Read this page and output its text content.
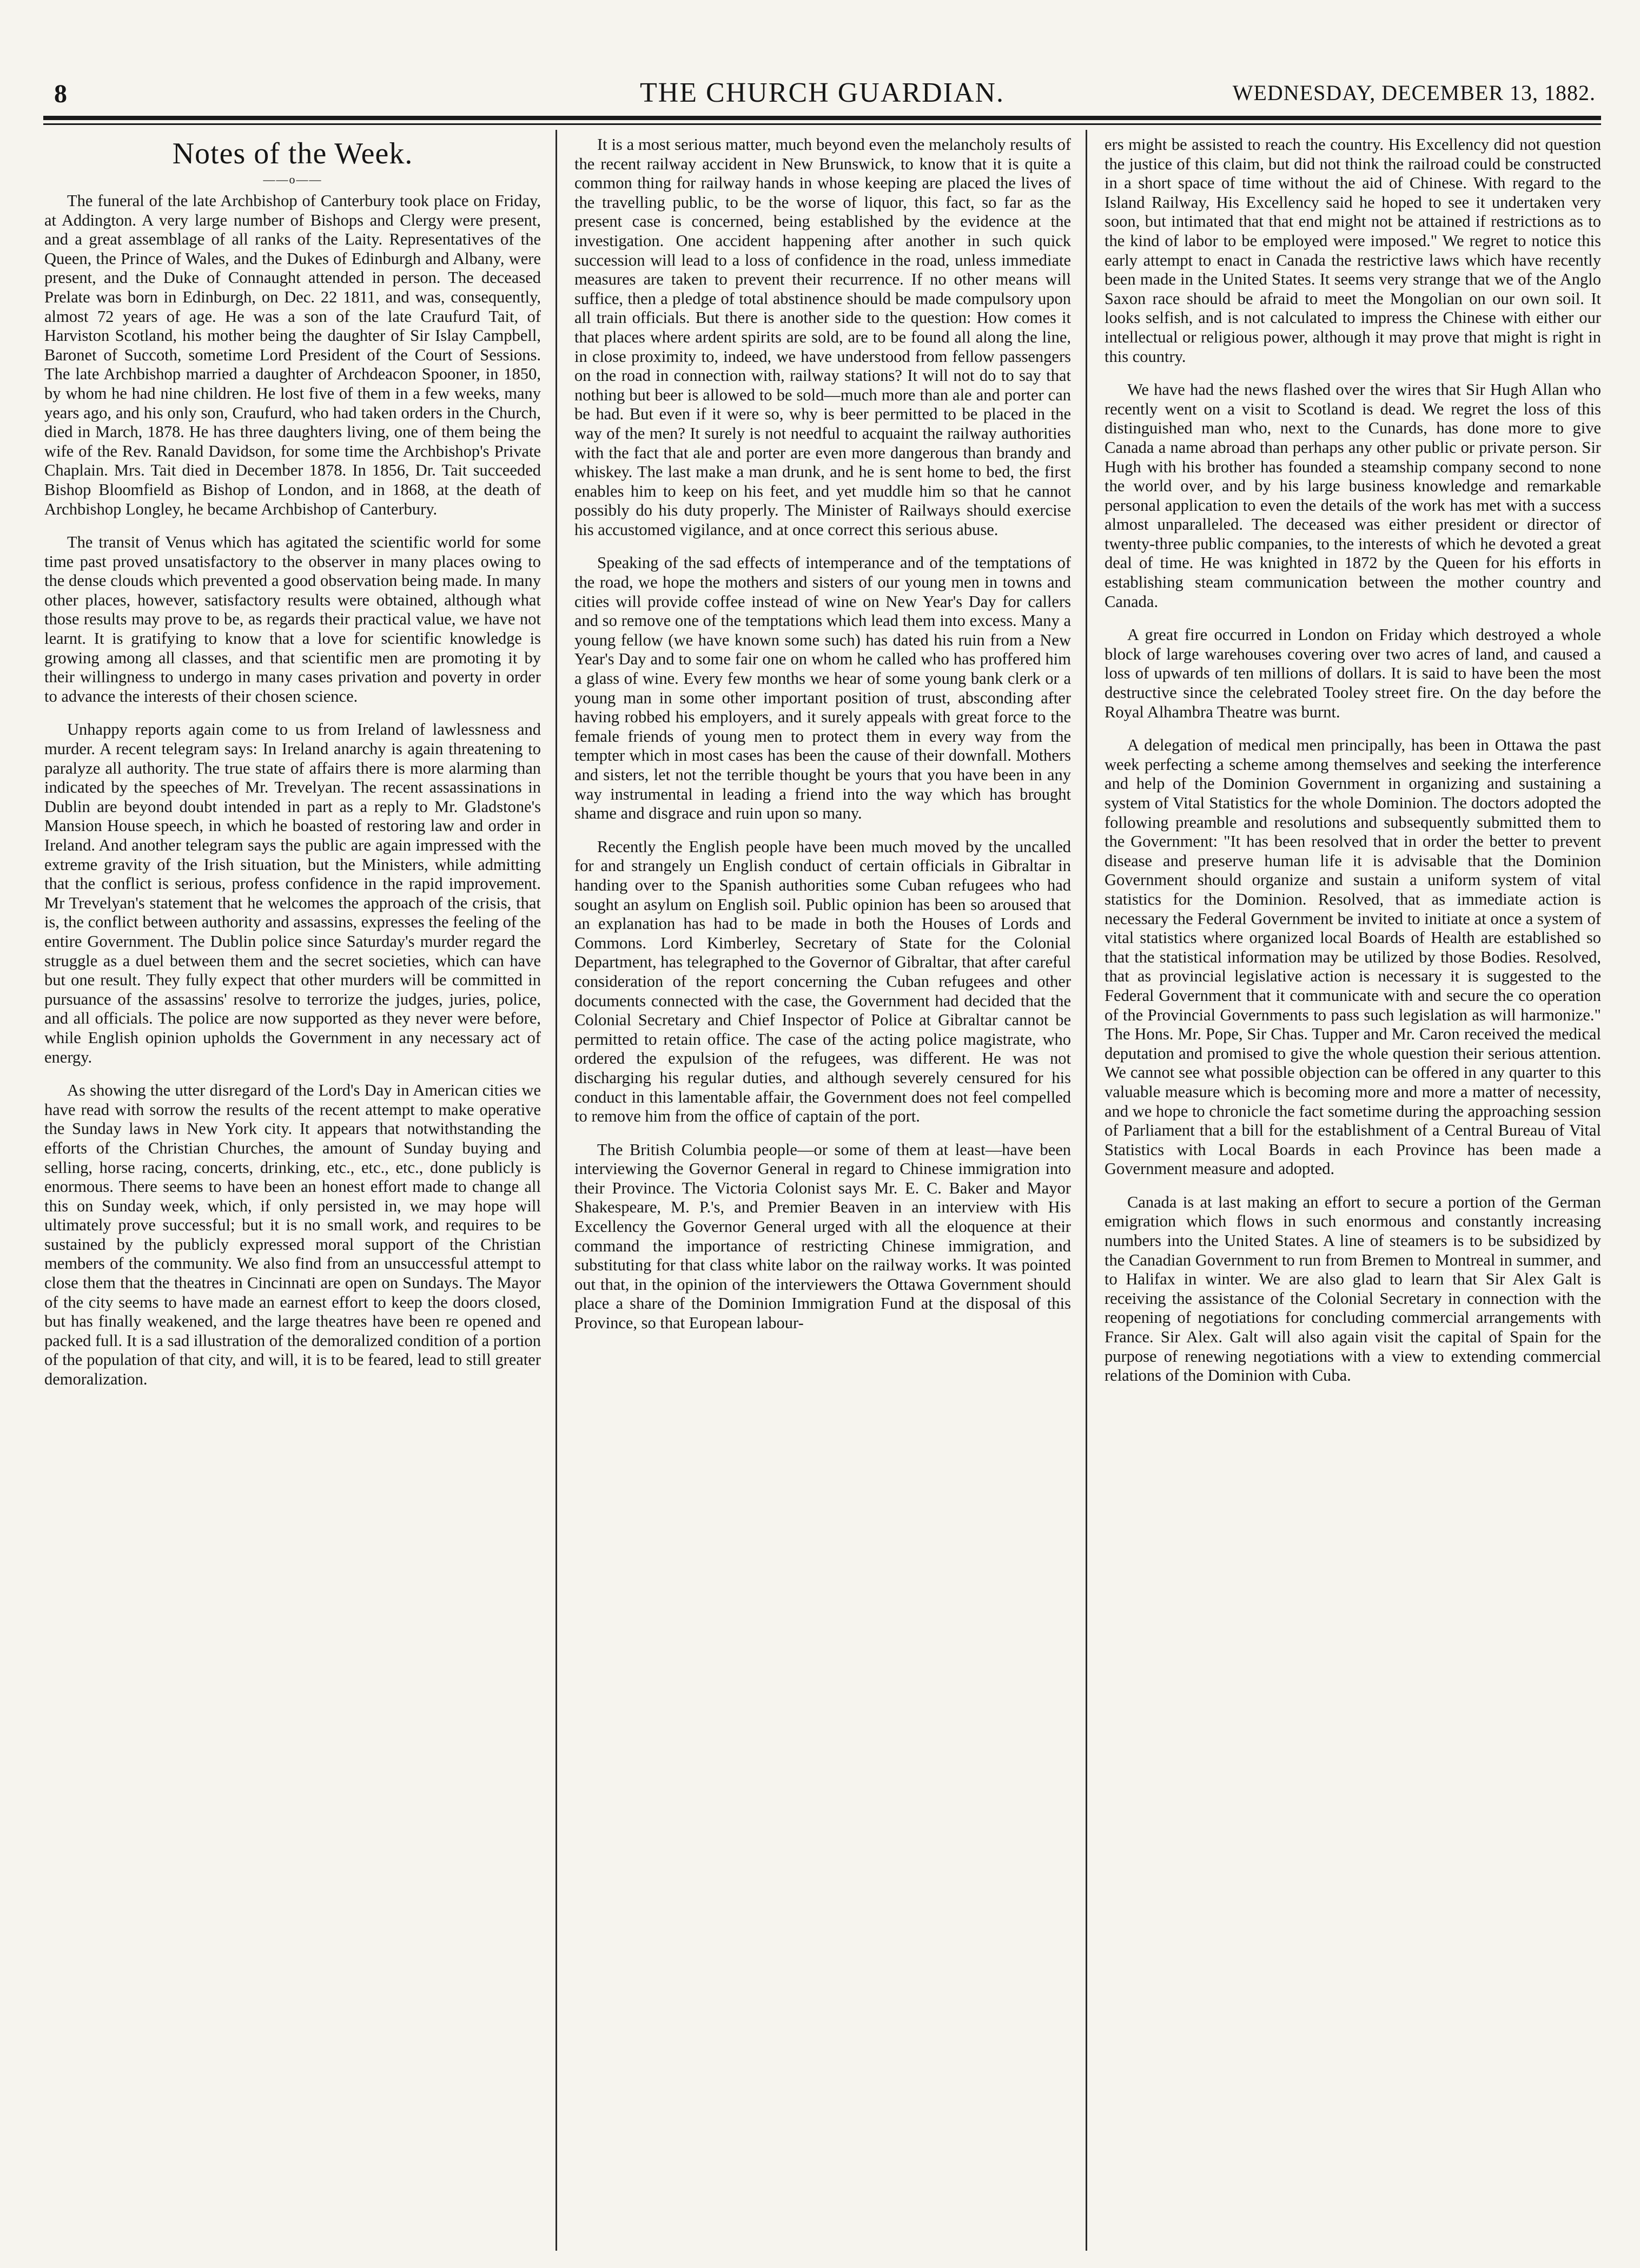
8	THE CHURCH GUARDIAN.	WEDNESDAY, DECEMBER 13, 1882.
Notes of the Week.
——o——

The funeral of the late Archbishop of Canterbury took place on Friday, at Addington. A very large number of Bishops and Clergy were present, and a great assemblage of all ranks of the Laity. Representatives of the Queen, the Prince of Wales, and the Dukes of Edinburgh and Albany, were present, and the Duke of Connaught attended in person. The deceased Prelate was born in Edinburgh, on Dec. 22 1811, and was, consequently, almost 72 years of age. He was a son of the late Craufurd Tait, of Harviston Scotland, his mother being the daughter of Sir Islay Campbell, Baronet of Succoth, sometime Lord President of the Court of Sessions. The late Archbishop married a daughter of Archdeacon Spooner, in 1850, by whom he had nine children. He lost five of them in a few weeks, many years ago, and his only son, Craufurd, who had taken orders in the Church, died in March, 1878. He has three daughters living, one of them being the wife of the Rev. Ranald Davidson, for some time the Archbishop's Private Chaplain. Mrs. Tait died in December 1878. In 1856, Dr. Tait succeeded Bishop Bloomfield as Bishop of London, and in 1868, at the death of Archbishop Longley, he became Archbishop of Canterbury.

The transit of Venus which has agitated the scientific world for some time past proved unsatisfactory to the observer in many places owing to the dense clouds which prevented a good observation being made. In many other places, however, satisfactory results were obtained, although what those results may prove to be, as regards their practical value, we have not learnt. It is gratifying to know that a love for scientific knowledge is growing among all classes, and that scientific men are promoting it by their willingness to undergo in many cases privation and poverty in order to advance the interests of their chosen science.

Unhappy reports again come to us from Ireland of lawlessness and murder. A recent telegram says: In Ireland anarchy is again threatening to paralyze all authority. The true state of affairs there is more alarming than indicated by the speeches of Mr. Trevelyan. The recent assassinations in Dublin are beyond doubt intended in part as a reply to Mr. Gladstone's Mansion House speech, in which he boasted of restoring law and order in Ireland. And another telegram says the public are again impressed with the extreme gravity of the Irish situation, but the Ministers, while admitting that the conflict is serious, profess confidence in the rapid improvement. Mr Trevelyan's statement that he welcomes the approach of the crisis, that is, the conflict between authority and assassins, expresses the feeling of the entire Government. The Dublin police since Saturday's murder regard the struggle as a duel between them and the secret societies, which can have but one result. They fully expect that other murders will be committed in pursuance of the assassins' resolve to terrorize the judges, juries, police, and all officials. The police are now supported as they never were before, while English opinion upholds the Government in any necessary act of energy.

As showing the utter disregard of the Lord's Day in American cities we have read with sorrow the results of the recent attempt to make operative the Sunday laws in New York city. It appears that notwithstanding the efforts of the Christian Churches, the amount of Sunday buying and selling, horse racing, concerts, drinking, etc., etc., etc., done publicly is enormous. There seems to have been an honest effort made to change all this on Sunday week, which, if only persisted in, we may hope will ultimately prove successful; but it is no small work, and requires to be sustained by the publicly expressed moral support of the Christian members of the community. We also find from an unsuccessful attempt to close them that the theatres in Cincinnati are open on Sundays. The Mayor of the city seems to have made an earnest effort to keep the doors closed, but has finally weakened, and the large theatres have been re opened and packed full. It is a sad illustration of the demoralized condition of a portion of the population of that city, and will, it is to be feared, lead to still greater demoralization.

It is a most serious matter, much beyond even the melancholy results of the recent railway accident in New Brunswick, to know that it is quite a common thing for railway hands in whose keeping are placed the lives of the travelling public, to be the worse of liquor, this fact, so far as the present case is concerned, being established by the evidence at the investigation. One accident happening after another in such quick succession will lead to a loss of confidence in the road, unless immediate measures are taken to prevent their recurrence. If no other means will suffice, then a pledge of total abstinence should be made compulsory upon all train officials. But there is another side to the question: How comes it that places where ardent spirits are sold, are to be found all along the line, in close proximity to, indeed, we have understood from fellow passengers on the road in connection with, railway stations? It will not do to say that nothing but beer is allowed to be sold—much more than ale and porter can be had. But even if it were so, why is beer permitted to be placed in the way of the men? It surely is not needful to acquaint the railway authorities with the fact that ale and porter are even more dangerous than brandy and whiskey. The last make a man drunk, and he is sent home to bed, the first enables him to keep on his feet, and yet muddle him so that he cannot possibly do his duty properly. The Minister of Railways should exercise his accustomed vigilance, and at once correct this serious abuse.

Speaking of the sad effects of intemperance and of the temptations of the road, we hope the mothers and sisters of our young men in towns and cities will provide coffee instead of wine on New Year's Day for callers and so remove one of the temptations which lead them into excess. Many a young fellow (we have known some such) has dated his ruin from a New Year's Day and to some fair one on whom he called who has proffered him a glass of wine. Every few months we hear of some young bank clerk or a young man in some other important position of trust, absconding after having robbed his employers, and it surely appeals with great force to the female friends of young men to protect them in every way from the tempter which in most cases has been the cause of their downfall. Mothers and sisters, let not the terrible thought be yours that you have been in any way instrumental in leading a friend into the way which has brought shame and disgrace and ruin upon so many.

Recently the English people have been much moved by the uncalled for and strangely un English conduct of certain officials in Gibraltar in handing over to the Spanish authorities some Cuban refugees who had sought an asylum on English soil. Public opinion has been so aroused that an explanation has had to be made in both the Houses of Lords and Commons. Lord Kimberley, Secretary of State for the Colonial Department, has telegraphed to the Governor of Gibraltar, that after careful consideration of the report concerning the Cuban refugees and other documents connected with the case, the Government had decided that the Colonial Secretary and Chief Inspector of Police at Gibraltar cannot be permitted to retain office. The case of the acting police magistrate, who ordered the expulsion of the refugees, was different. He was not discharging his regular duties, and although severely censured for his conduct in this lamentable affair, the Government does not feel compelled to remove him from the office of captain of the port.

The British Columbia people—or some of them at least—have been interviewing the Governor General in regard to Chinese immigration into their Province. The Victoria Colonist says Mr. E. C. Baker and Mayor Shakespeare, M. P.'s, and Premier Beaven in an interview with His Excellency the Governor General urged with all the eloquence at their command the importance of restricting Chinese immigration, and substituting for that class white labor on the railway works. It was pointed out that, in the opinion of the interviewers the Ottawa Government should place a share of the Dominion Immigration Fund at the disposal of this Province, so that European labour-

ers might be assisted to reach the country. His Excellency did not question the justice of this claim, but did not think the railroad could be constructed in a short space of time without the aid of Chinese. With regard to the Island Railway, His Excellency said he hoped to see it undertaken very soon, but intimated that that end might not be attained if restrictions as to the kind of labor to be employed were imposed." We regret to notice this early attempt to enact in Canada the restrictive laws which have recently been made in the United States. It seems very strange that we of the Anglo Saxon race should be afraid to meet the Mongolian on our own soil. It looks selfish, and is not calculated to impress the Chinese with either our intellectual or religious power, although it may prove that might is right in this country.

We have had the news flashed over the wires that Sir Hugh Allan who recently went on a visit to Scotland is dead. We regret the loss of this distinguished man who, next to the Cunards, has done more to give Canada a name abroad than perhaps any other public or private person. Sir Hugh with his brother has founded a steamship company second to none the world over, and by his large business knowledge and remarkable personal application to even the details of the work has met with a success almost unparalleled. The deceased was either president or director of twenty-three public companies, to the interests of which he devoted a great deal of time. He was knighted in 1872 by the Queen for his efforts in establishing steam communication between the mother country and Canada.

A great fire occurred in London on Friday which destroyed a whole block of large warehouses covering over two acres of land, and caused a loss of upwards of ten millions of dollars. It is said to have been the most destructive since the celebrated Tooley street fire. On the day before the Royal Alhambra Theatre was burnt.

A delegation of medical men principally, has been in Ottawa the past week perfecting a scheme among themselves and seeking the interference and help of the Dominion Government in organizing and sustaining a system of Vital Statistics for the whole Dominion. The doctors adopted the following preamble and resolutions and subsequently submitted them to the Government: "It has been resolved that in order the better to prevent disease and preserve human life it is advisable that the Dominion Government should organize and sustain a uniform system of vital statistics for the Dominion. Resolved, that as immediate action is necessary the Federal Government be invited to initiate at once a system of vital statistics where organized local Boards of Health are established so that the statistical information may be utilized by those Bodies. Resolved, that as provincial legislative action is necessary it is suggested to the Federal Government that it communicate with and secure the co operation of the Provincial Governments to pass such legislation as will harmonize." The Hons. Mr. Pope, Sir Chas. Tupper and Mr. Caron received the medical deputation and promised to give the whole question their serious attention. We cannot see what possible objection can be offered in any quarter to this valuable measure which is becoming more and more a matter of necessity, and we hope to chronicle the fact sometime during the approaching session of Parliament that a bill for the establishment of a Central Bureau of Vital Statistics with Local Boards in each Province has been made a Government measure and adopted.

Canada is at last making an effort to secure a portion of the German emigration which flows in such enormous and constantly increasing numbers into the United States. A line of steamers is to be subsidized by the Canadian Government to run from Bremen to Montreal in summer, and to Halifax in winter. We are also glad to learn that Sir Alex Galt is receiving the assistance of the Colonial Secretary in connection with the reopening of negotiations for concluding commercial arrangements with France. Sir Alex. Galt will also again visit the capital of Spain for the purpose of renewing negotiations with a view to extending commercial relations of the Dominion with Cuba.
